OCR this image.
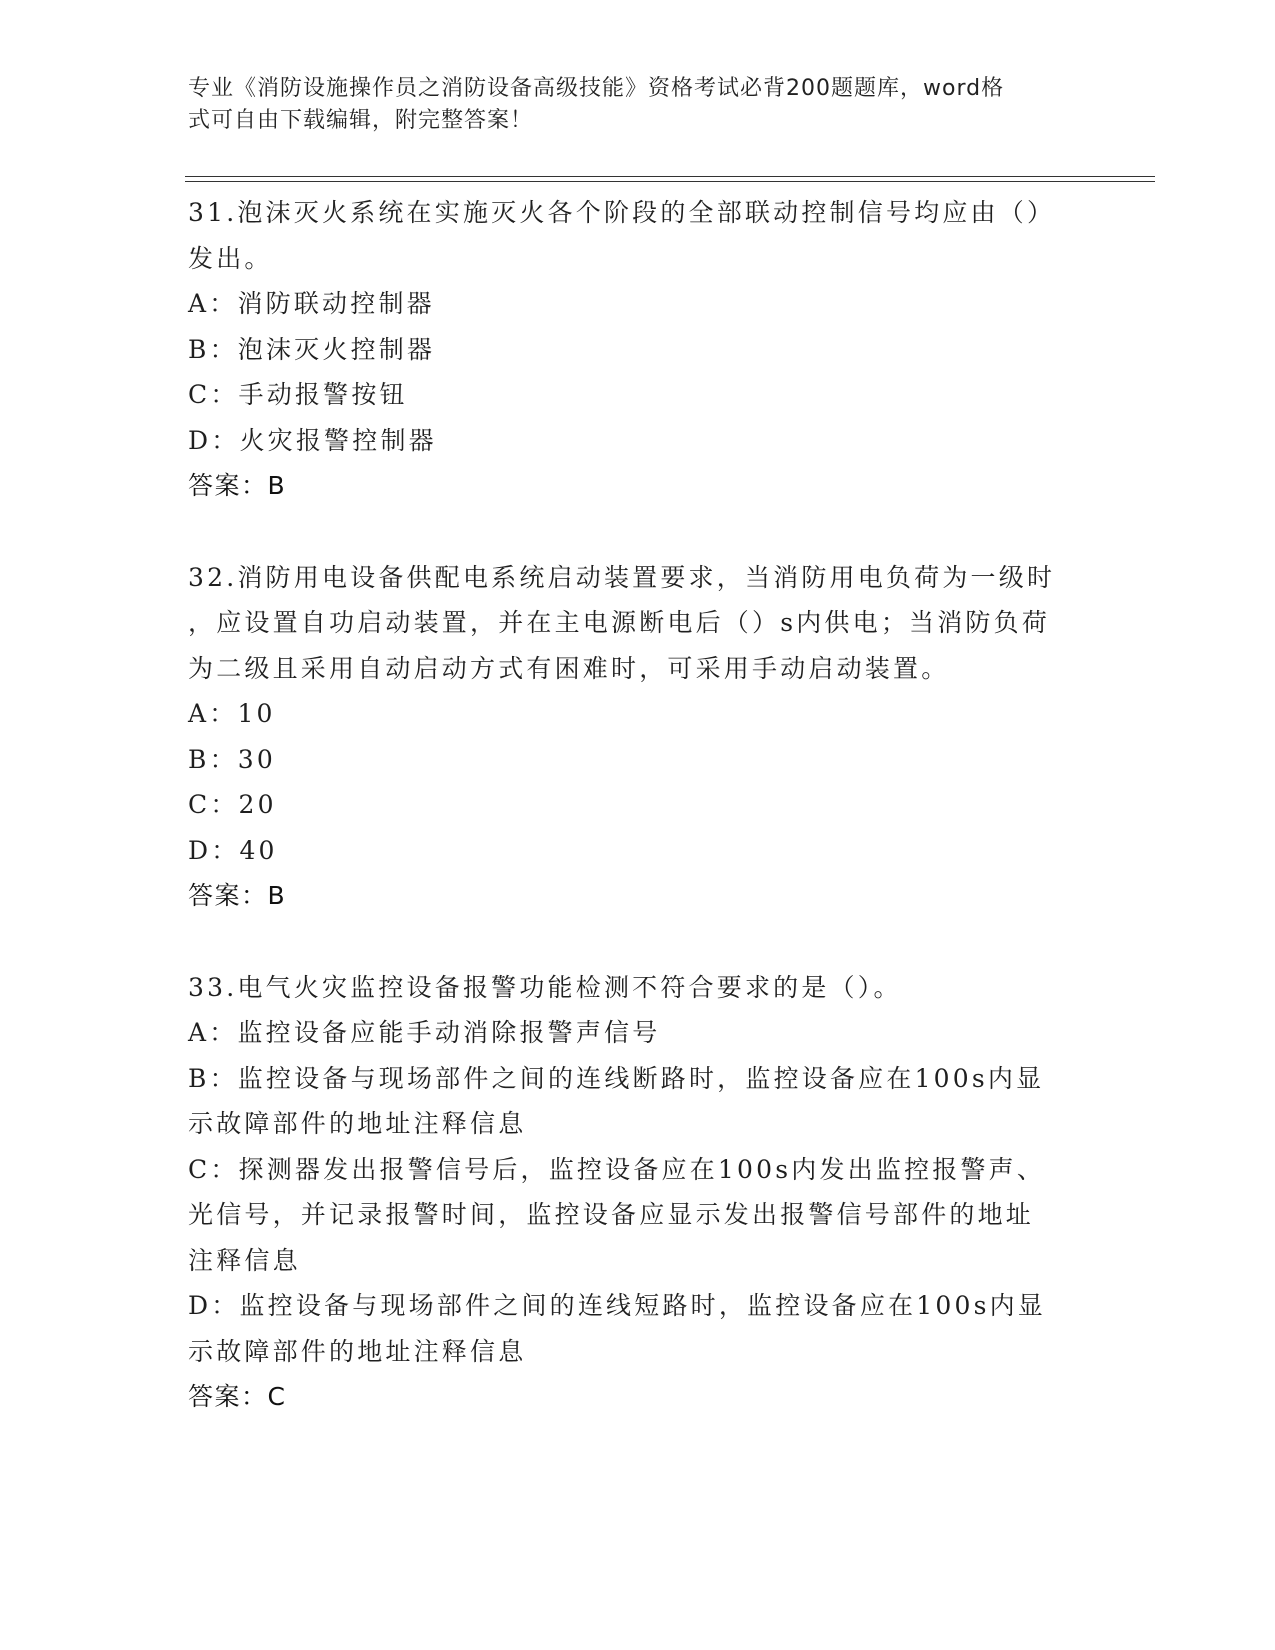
专业《消防设施操作员之消防设备高级技能》资格考试必背200题题库，word格
式可自由下载编辑，附完整答案！
31.泡沫灭火系统在实施灭火各个阶段的全部联动控制信号均应由（）
发出。
A：消防联动控制器
B：泡沫灭火控制器
C：手动报警按钮
D：火灾报警控制器
答案：B
32.消防用电设备供配电系统启动装置要求，当消防用电负荷为一级时
，应设置自功启动装置，并在主电源断电后（）s内供电；当消防负荷
为二级且采用自动启动方式有困难时，可采用手动启动装置。
A：10
B：30
C：20
D：40
答案：B
33.电气火灾监控设备报警功能检测不符合要求的是（）。
A：监控设备应能手动消除报警声信号
B：监控设备与现场部件之间的连线断路时，监控设备应在100s内显
示故障部件的地址注释信息
C：探测器发出报警信号后，监控设备应在100s内发出监控报警声、
光信号，并记录报警时间，监控设备应显示发出报警信号部件的地址
注释信息
D：监控设备与现场部件之间的连线短路时，监控设备应在100s内显
示故障部件的地址注释信息
答案：C
